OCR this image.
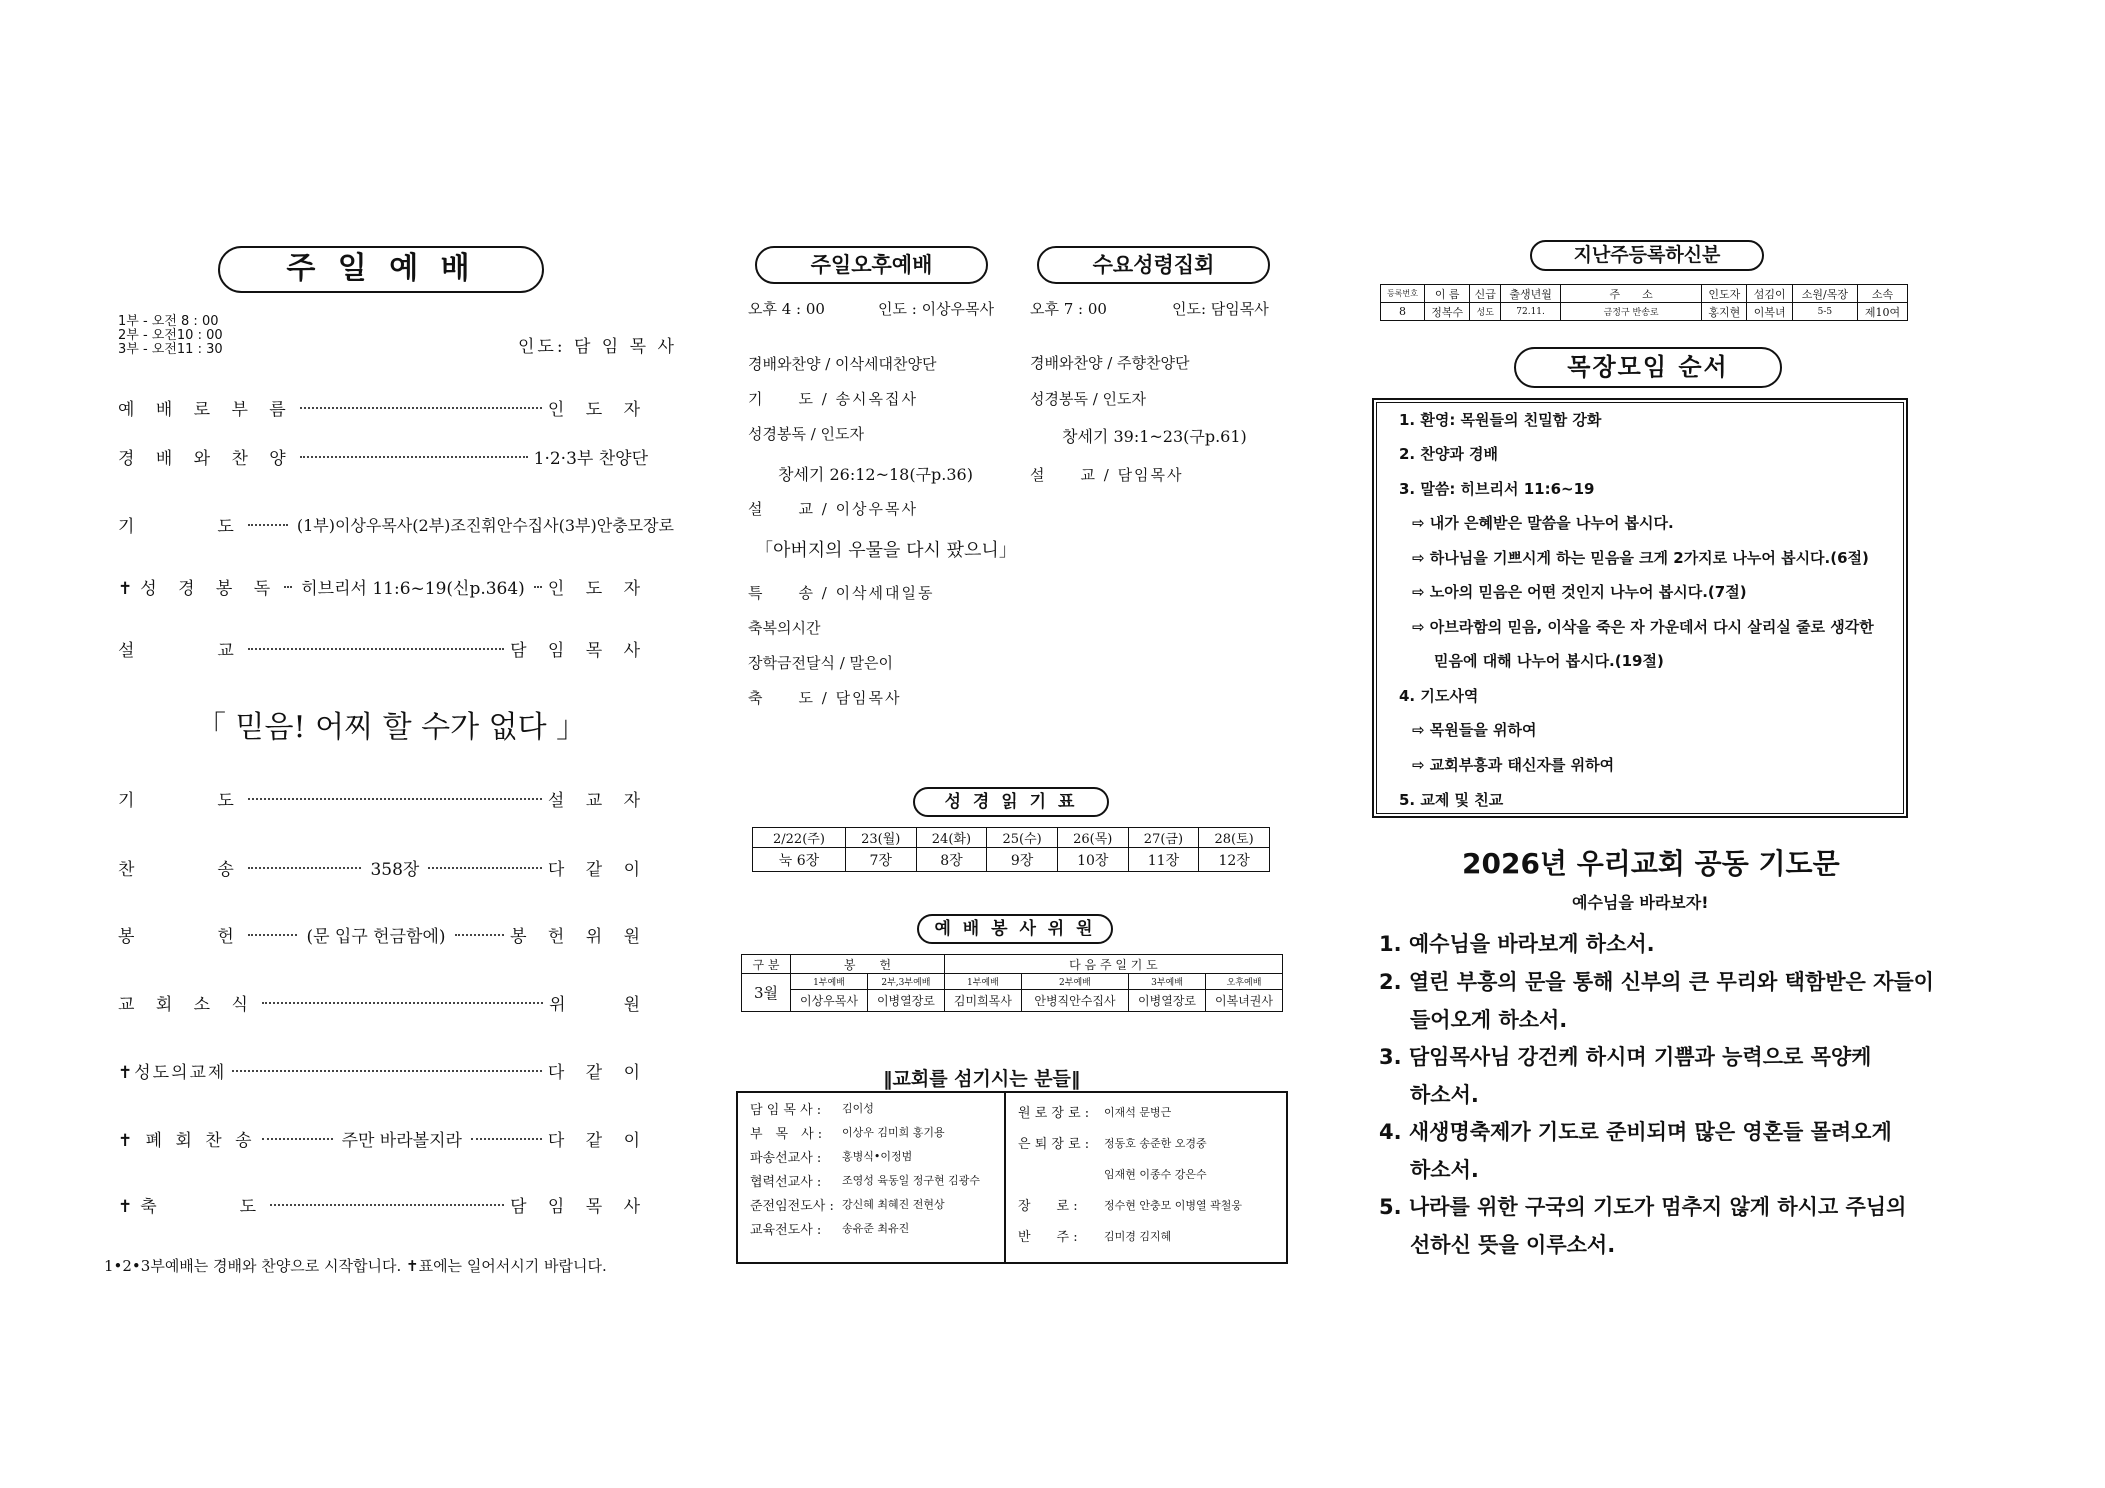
주 일 예 배
1부 - 오전 8 : 00
2부 - 오전10 : 00
3부 - 오전11 : 30	인도: 담 임 목 사
예 배 로 부 름	인 도 자
경 배 와 찬 양	1·2·3부 찬양단
기　　　도	(1부)이상우목사(2부)조진휘안수집사(3부)안충모장로
✝성 경 봉 독 히브리서 11:6~19(신p.364) 인 도 자
설　　　교	담 임 목 사
「 믿음! 어찌 할 수가 없다 」
기　　　도	설 교 자
찬　　　송	358장	다 같 이
봉　　　헌	(문 입구 헌금함에)	봉 헌 위 원
교 회 소 식	위　　원
✝성도의교제	다 같 이
✝ 폐 회 찬 송	주만 바라볼지라	다 같 이
✝축　　　도	담 임 목 사
1•2•3부예배는 경배와 찬양으로 시작합니다. ✝표에는 일어서시기 바랍니다.
주일오후예배	수요성령집회
오후 4 : 00	인도 : 이상우목사
경배와찬양 / 이삭세대찬양단
기　　도 / 송시옥집사
성경봉독 / 인도자
창세기 26:12~18(구p.36)
설　　교 / 이상우목사
「아버지의 우물을 다시 팠으니」
특　　송 / 이삭세대일동
축복의시간
장학금전달식 / 말은이
축　　도 / 담임목사
오후 7 : 00	인도: 담임목사
경배와찬양 / 주향찬양단
성경봉독 / 인도자
창세기 39:1~23(구p.61)
설　　교 / 담임목사
성 경 읽 기 표
2/22(주)	23(월)	24(화)	25(수)	26(목)	27(금)	28(토)
눅 6장	7장	8장	9장	10장	11장	12장
예 배 봉 사 위 원
구 분	봉　　헌		다 음 주 일 기 도			
3월	1부예배	2부,3부예배	1부예배	2부예배	3부예배	오후예배
	이상우목사	이병열장로	김미희목사	안병직안수집사	이병열장로	이복녀권사
‖교회를 섬기시는 분들‖
담 임 목 사 :	김이성
부　목　사 :	이상우 김미희 홍기용
파송선교사 :	홍병식•이정범
협력선교사 :	조영성 육동일 정구현 김광수
준전임전도사 :	강신혜 최혜진 전현상
교육전도사 :	송유준 최유진
원 로 장 로 :	이재석 문병근
은 퇴 장 로 :	정동호 송준한 오경중
	임재현 이종수 강은수
장　　로 :	정수현 안충모 이병열 곽철웅
반　　주 :	김미경 김지혜
지난주등록하신분
등록번호	이 름	신급	출생년월	주　　소	인도자	섬김이	소원/목장	소속
8	정복수	성도	72.11.	금정구 반송로	홍지현	이복녀	5-5	제10여
목장모임 순서
1. 환영: 목원들의 친밀함 강화
2. 찬양과 경배
3. 말씀: 히브리서 11:6~19
⇨ 내가 은혜받은 말씀을 나누어 봅시다.
⇨ 하나님을 기쁘시게 하는 믿음을 크게 2가지로 나누어 봅시다.(6절)
⇨ 노아의 믿음은 어떤 것인지 나누어 봅시다.(7절)
⇨ 아브라함의 믿음, 이삭을 죽은 자 가운데서 다시 살리실 줄로 생각한
믿음에 대해 나누어 봅시다.(19절)
4. 기도사역
⇨ 목원들을 위하여
⇨ 교회부흥과 태신자를 위하여
5. 교제 및 친교
2026년 우리교회 공동 기도문
예수님을 바라보자!
1. 예수님을 바라보게 하소서.
2. 열린 부흥의 문을 통해 신부의 큰 무리와 택함받은 자들이
들어오게 하소서.
3. 담임목사님 강건케 하시며 기쁨과 능력으로 목양케
하소서.
4. 새생명축제가 기도로 준비되며 많은 영혼들 몰려오게
하소서.
5. 나라를 위한 구국의 기도가 멈추지 않게 하시고 주님의
선하신 뜻을 이루소서.
